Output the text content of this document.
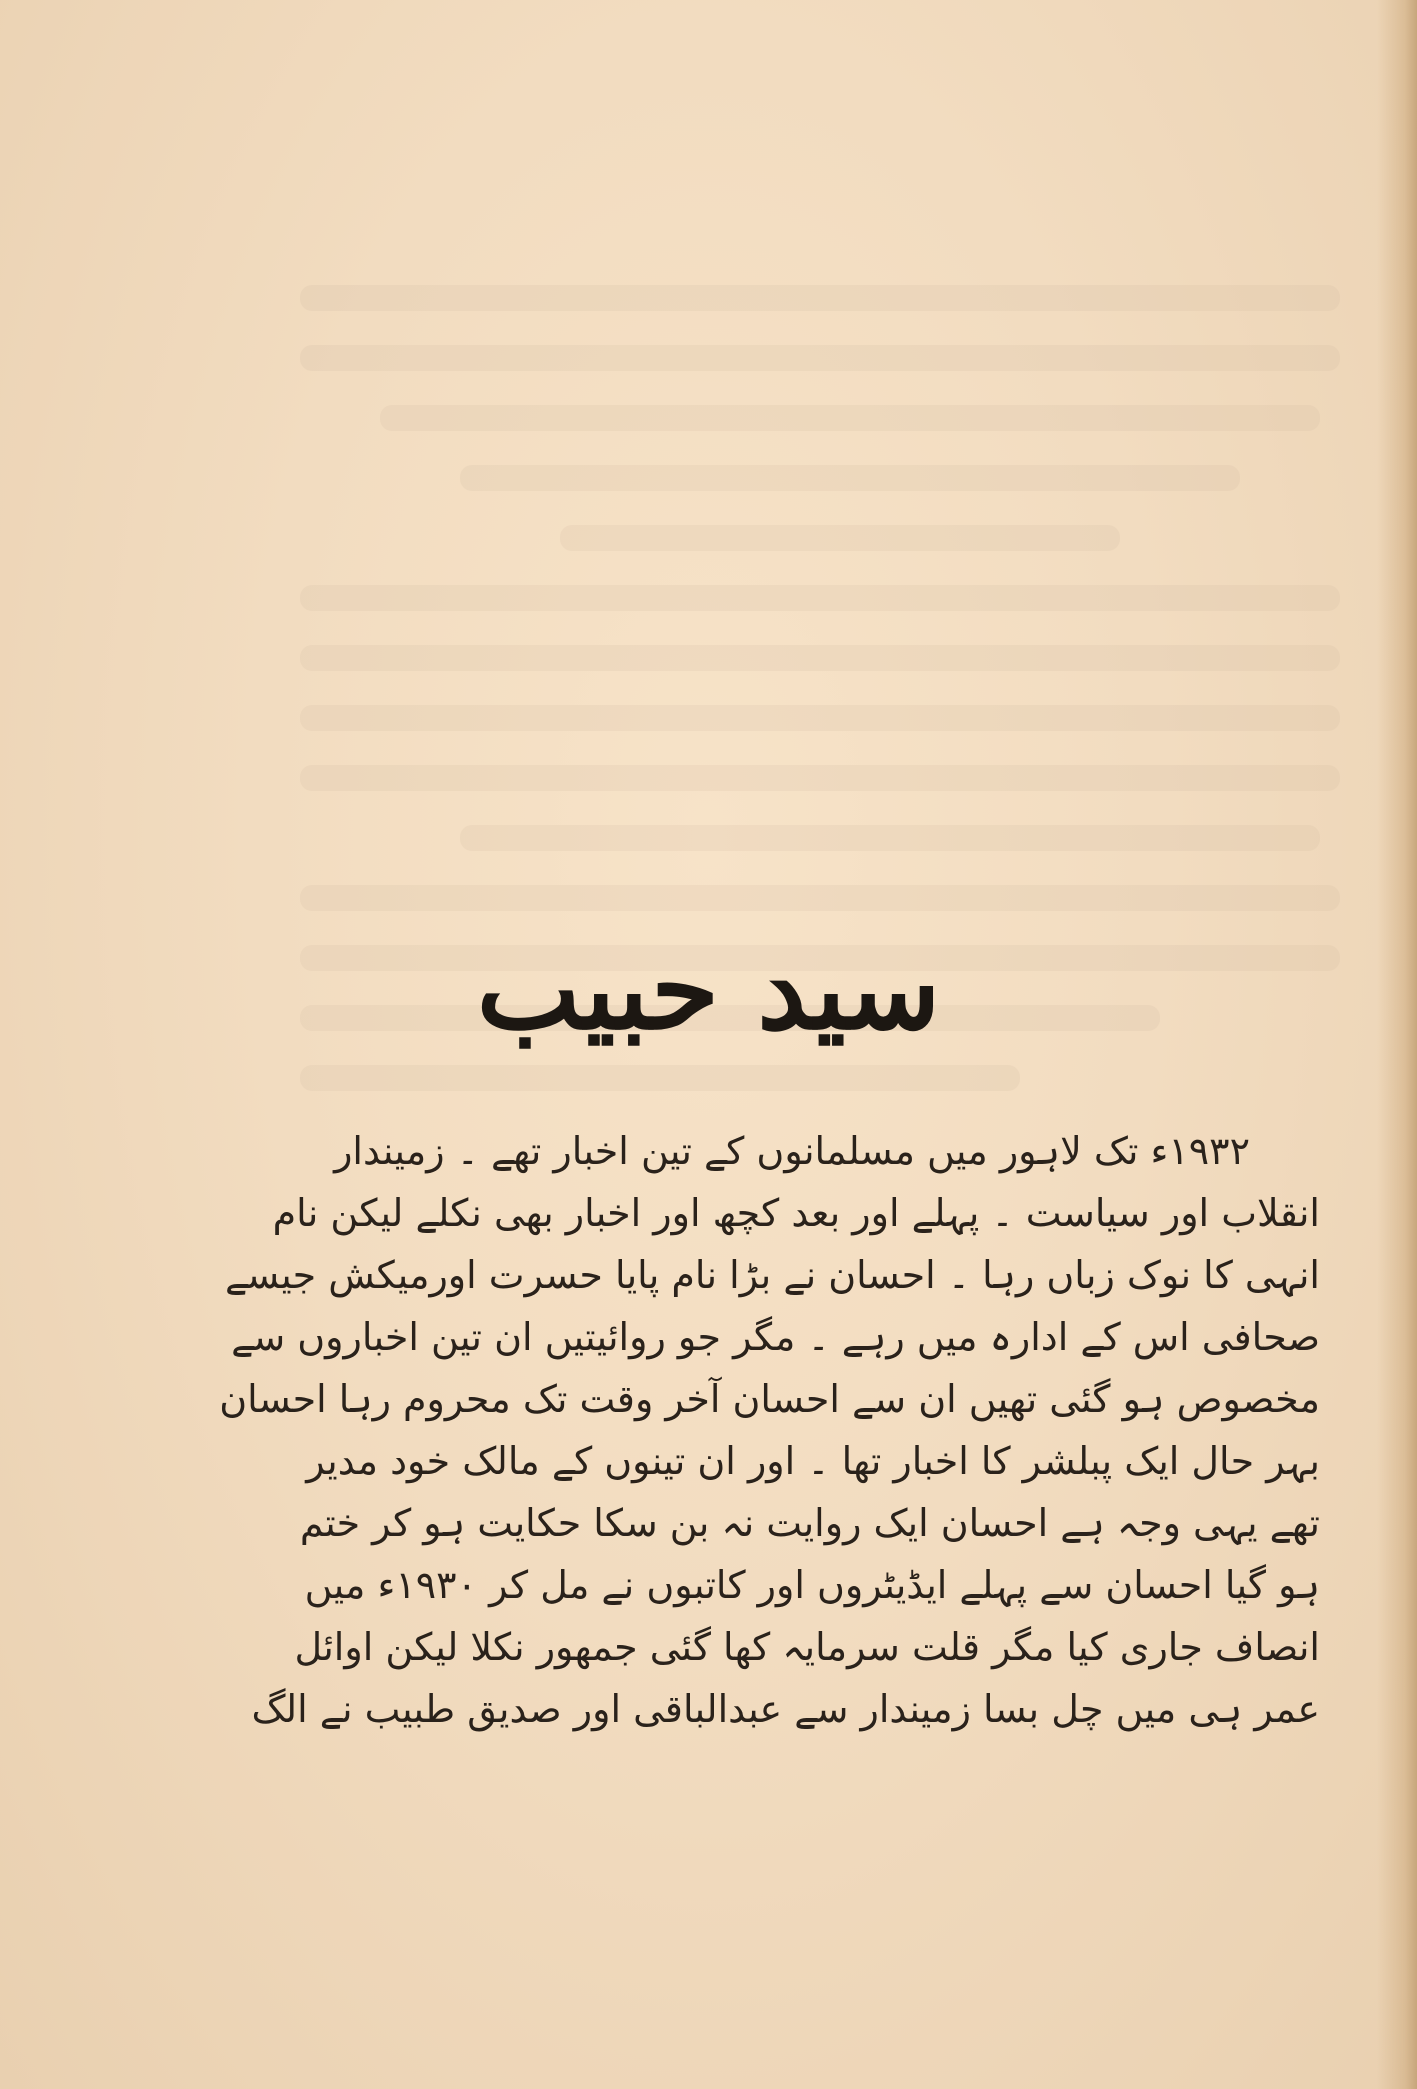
سید حبیب
۱۹۳۲ء تک لاہور میں مسلمانوں کے تین اخبار تھے ۔ زمیندار
انقلاب اور سیاست ۔ پہلے اور بعد کچھ اور اخبار بھی نکلے لیکن نام
انہی کا نوک زباں رہا ۔ احسان نے بڑا نام پایا حسرت اورمیکش جیسے
صحافی اس کے ادارہ میں رہے ۔ مگر جو روائیتیں ان تین اخباروں سے
مخصوص ہو گئی تھیں ان سے احسان آخر وقت تک محروم رہا احسان
بہر حال ایک پبلشر کا اخبار تھا ۔ اور ان تینوں کے مالک خود مدیر
تھے یہی وجہ ہے احسان ایک روایت نہ بن سکا حکایت ہو کر ختم
ہو گیا احسان سے پہلے ایڈیٹروں اور کاتبوں نے مل کر ۱۹۳۰ء میں
انصاف جاری کیا مگر قلت سرمایہ کھا گئی جمھور نکلا لیکن اوائل
عمر ہی میں چل بسا زمیندار سے عبدالباقی اور صدیق طبیب نے الگ
